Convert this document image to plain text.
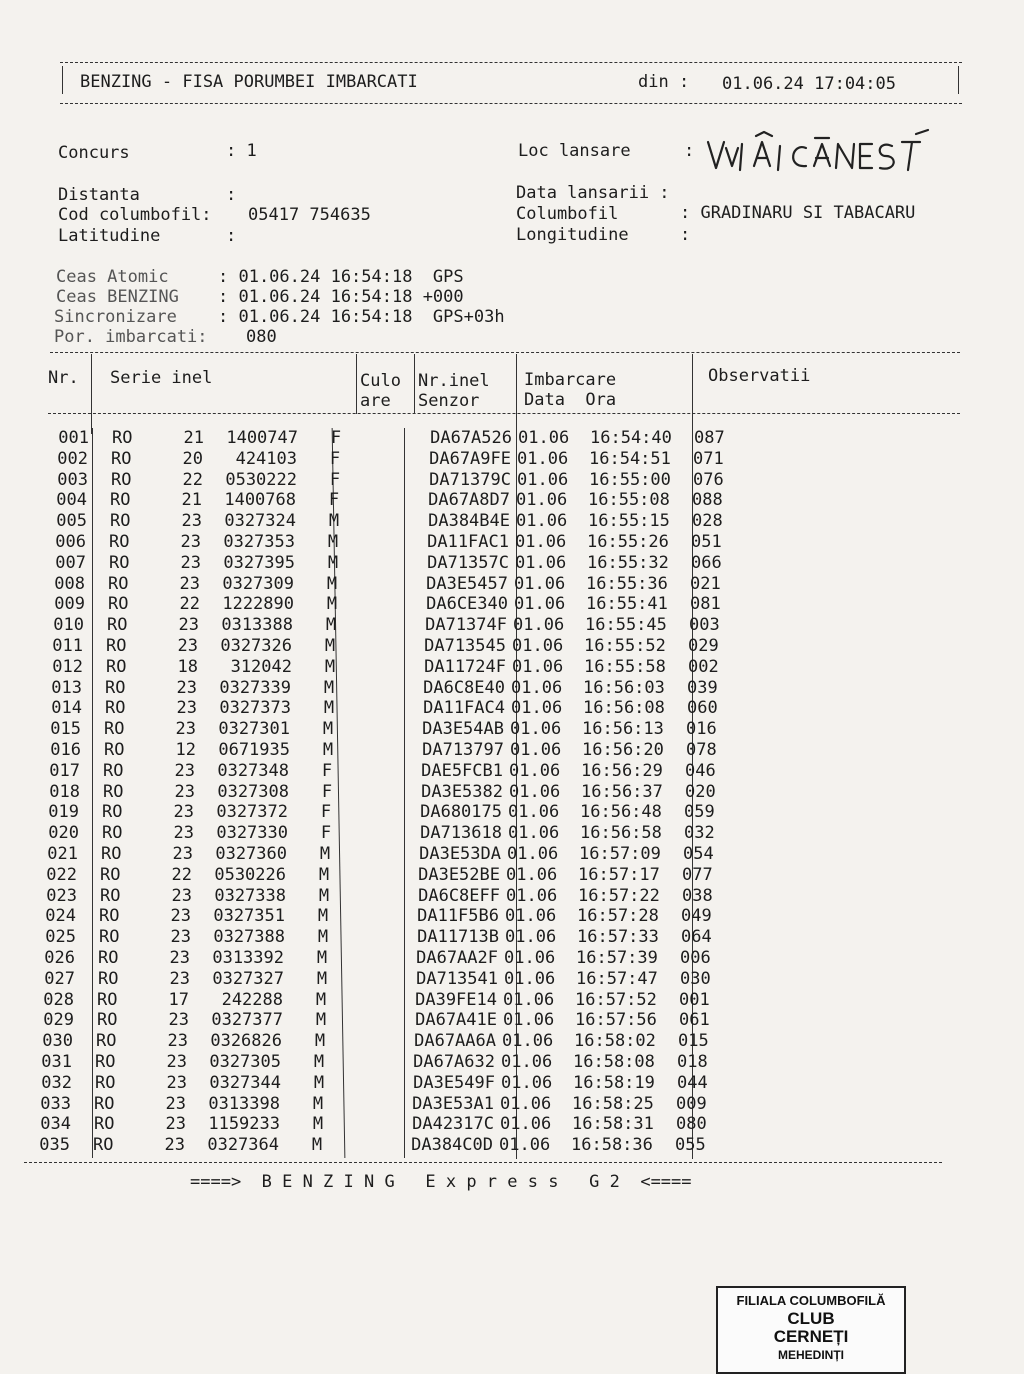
BENZING - FISA PORUMBEI IMBARCATI	din : 01.06.24 17:04:05
Concurs	: 1	Loc lansare	:
Distanta	:	Data lansarii :
Cod columbofil: 05417 754635	Columbofil	: GRADINARU SI TABACARU
Latitudine	:	Longitudine	:
Ceas Atomic	: 01.06.24 16:54:18  GPS
Ceas BENZING : 01.06.24 16:54:18 +000
Sincronizare : 01.06.24 16:54:18  GPS+03h
Por. imbarcati: 080
Nr. Serie inel	Culo
are
Nr.inel
Senzor
Imbarcare
Data  Ora
Observatii
001 RO	21	1400747 F	DA67A526 01.06 16:54:40 087
002 RO	20	424103 F	DA67A9FE 01.06 16:54:51 071
003 RO	22	0530222 F	DA71379C 01.06 16:55:00 076
004 RO	21	1400768 F	DA67A8D7 01.06 16:55:08 088
005 RO	23	0327324 M	DA384B4E 01.06 16:55:15 028
006 RO	23	0327353 M	DA11FAC1 01.06 16:55:26 051
007 RO	23	0327395 M	DA71357C 01.06 16:55:32 066
008 RO	23	0327309 M	DA3E5457 01.06 16:55:36 021
009 RO	22	1222890 M	DA6CE340 01.06 16:55:41 081
010 RO	23	0313388 M	DA71374F 01.06 16:55:45 003
011 RO	23	0327326 M	DA713545 01.06 16:55:52 029
012 RO	18	312042 M	DA11724F 01.06 16:55:58 002
013 RO	23	0327339 M	DA6C8E40 01.06 16:56:03 039
014 RO	23	0327373 M	DA11FAC4 01.06 16:56:08 060
015 RO	23	0327301 M	DA3E54AB 01.06 16:56:13 016
016 RO	12	0671935 M	DA713797 01.06 16:56:20 078
017 RO	23	0327348 F	DAE5FCB1 01.06 16:56:29 046
018 RO	23	0327308 F	DA3E5382 01.06 16:56:37 020
019 RO	23	0327372 F	DA680175 01.06 16:56:48 059
020 RO	23	0327330 F	DA713618 01.06 16:56:58 032
021 RO	23	0327360 M	DA3E53DA 01.06 16:57:09 054
022 RO	22	0530226 M	DA3E52BE 01.06 16:57:17 077
023 RO	23	0327338 M	DA6C8EFF 01.06 16:57:22 038
024 RO	23	0327351 M	DA11F5B6 01.06 16:57:28 049
025 RO	23	0327388 M	DA11713B 01.06 16:57:33 064
026 RO	23	0313392 M	DA67AA2F 01.06 16:57:39 006
027 RO	23	0327327 M	DA713541 01.06 16:57:47 030
028 RO	17	242288 M	DA39FE14 01.06 16:57:52 001
029 RO	23	0327377 M	DA67A41E 01.06 16:57:56 061
030 RO	23	0326826 M	DA67AA6A 01.06 16:58:02 015
031 RO	23	0327305 M	DA67A632 01.06 16:58:08 018
032 RO	23	0327344 M	DA3E549F 01.06 16:58:19 044
033 RO	23	0313398 M	DA3E53A1 01.06 16:58:25 009
034 RO	23	1159233 M	DA42317C 01.06 16:58:31 080
035 RO	23	0327364 M	DA384C0D 01.06 16:58:36 055
====>  B E N Z I N G   E x p r e s s   G 2  <====
FILIALA COLUMBOFILĂ
CLUB
CERNEȚI
MEHEDINȚI
